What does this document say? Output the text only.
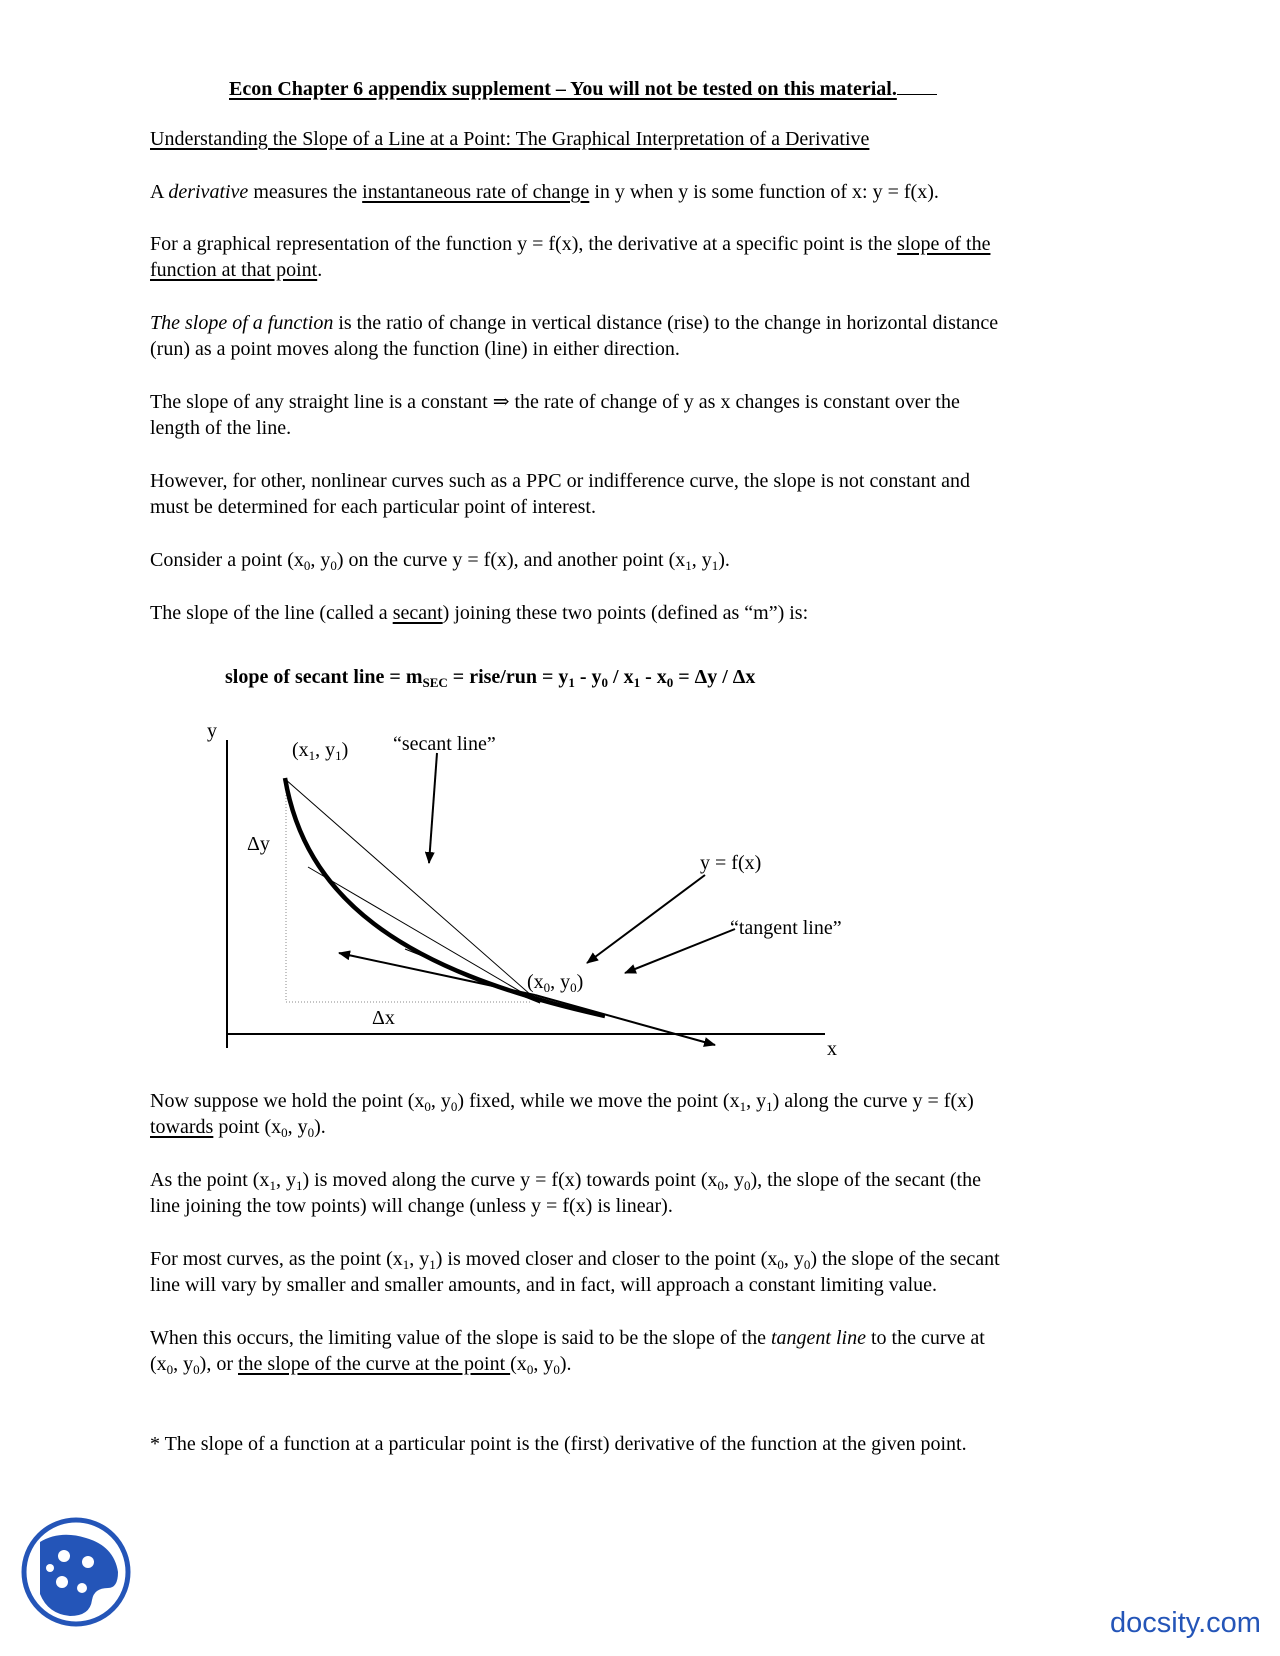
Econ Chapter 6 appendix supplement – You will not be tested on this material.
Understanding the Slope of a Line at a Point: The Graphical Interpretation of a Derivative
A derivative measures the instantaneous rate of change in y when y is some function of x: y = f(x).
For a graphical representation of the function y = f(x), the derivative at a specific point is the slope of the
function at that point.
The slope of a function is the ratio of change in vertical distance (rise) to the change in horizontal distance
(run) as a point moves along the function (line) in either direction.
The slope of any straight line is a constant ⇒ the rate of change of y as x changes is constant over the
length of the line.
However, for other, nonlinear curves such as a PPC or indifference curve, the slope is not constant and
must be determined for each particular point of interest.
Consider a point ($x_0$, $y_0$) on the curve y = f(x), and another point ($x_1$, $y_1$).
The slope of the line (called a secant) joining these two points (defined as “m”) is:
slope of secant line = $m_{SEC}$ = rise/run = $y_1 - y_0 / x_1 - x_0 = \Delta y / \Delta x$
y
x
($x_1$, $y_1$) “secant line”
Δy
Δx
y = f(x)
($x_0$, $y_0$)
“tangent line”
Now suppose we hold the point ($x_0$, $y_0$) fixed, while we move the point ($x_1$, $y_1$) along the curve y = f(x)
towards point ($x_0$, $y_0$).
As the point ($x_1$, $y_1$) is moved along the curve y = f(x) towards point ($x_0$, $y_0$), the slope of the secant (the
line joining the tow points) will change (unless y = f(x) is linear).
For most curves, as the point ($x_1$, $y_1$) is moved closer and closer to the point ($x_0$, $y_0$) the slope of the secant
line will vary by smaller and smaller amounts, and in fact, will approach a constant limiting value.
When this occurs, the limiting value of the slope is said to be the slope of the tangent line to the curve at
($x_0$, $y_0$), or the slope of the curve at the point ($x_0$, $y_0$).
* The slope of a function at a particular point is the (first) derivative of the function at the given point.
docsity.com
